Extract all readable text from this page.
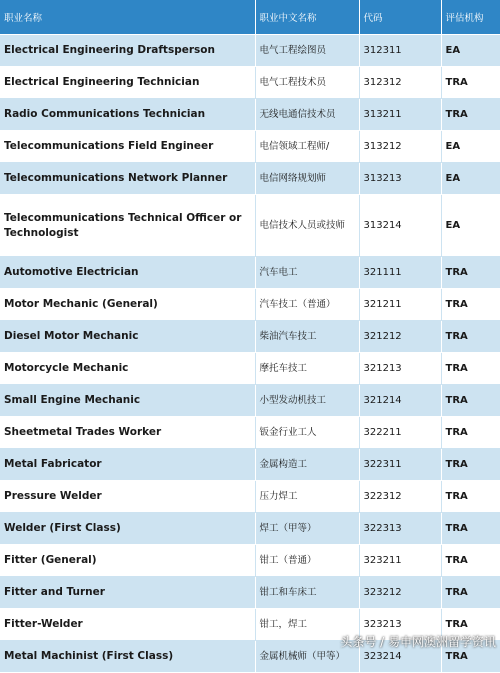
职业名称	职业中文名称	代码	评估机构
Electrical Engineering Draftsperson	电气工程绘图员	312311	EA
Electrical Engineering Technician	电气工程技术员	312312	TRA
Radio Communications Technician	无线电通信技术员	313211	TRA
Telecommunications Field Engineer	电信领域工程师/	313212	EA
Telecommunications Network Planner	电信网络规划师	313213	EA
Telecommunications Technical Officer or Technologist	电信技术人员或技师	313214	EA
Automotive Electrician	汽车电工	321111	TRA
Motor Mechanic (General)	汽车技工（普通）	321211	TRA
Diesel Motor Mechanic	柴油汽车技工	321212	TRA
Motorcycle Mechanic	摩托车技工	321213	TRA
Small Engine Mechanic	小型发动机技工	321214	TRA
Sheetmetal Trades Worker	钣金行业工人	322211	TRA
Metal Fabricator	金属构造工	322311	TRA
Pressure Welder	压力焊工	322312	TRA
Welder (First Class)	焊工（甲等）	322313	TRA
Fitter (General)	钳工（普通）	323211	TRA
Fitter and Turner	钳工和车床工	323212	TRA
Fitter-Welder	钳工，焊工	323213	TRA
Metal Machinist (First Class)	金属机械师（甲等）	323214	TRA
头条号 / 易申网澳洲留学资讯
